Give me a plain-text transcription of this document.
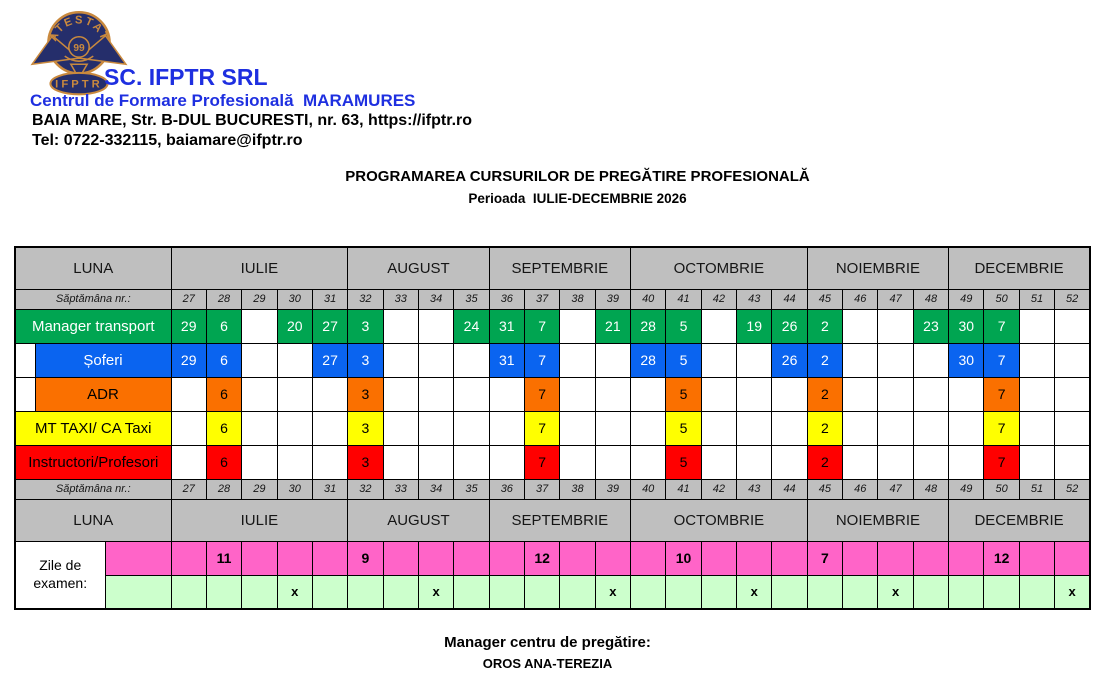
ATESTAT
99
IFPTR SC. IFPTR SRL
Centrul de Formare Profesională  MARAMURES
BAIA MARE, Str. B-DUL BUCURESTI, nr. 63, https://ifptr.ro
Tel: 0722-332115, baiamare@ifptr.ro
PROGRAMAREA CURSURILOR DE PREGĂTIRE PROFESIONALĂ
Perioada  IULIE-DECEMBRIE 2026
LUNA			IULIE					AUGUST				SEPTEMBRIE				OCTOMBRIE					NOIEMBRIE				DECEMBRIE			
Săptămâna nr.:			27	28	29	30	31	32	33	34	35	36	37	38	39	40	41	42	43	44	45	46	47	48	49	50	51	52
Manager transport			29	6		20	27	3			24	31	7		21	28	5		19	26	2			23	30	7		
	Șoferi		29	6			27	3				31	7			28	5			26	2				30	7		
	ADR			6				3					7				5				2					7		
MT TAXI/ CA Taxi				6				3					7				5				2					7		
Instructori/Profesori				6				3					7				5				2					7		
Săptămâna nr.:			27	28	29	30	31	32	33	34	35	36	37	38	39	40	41	42	43	44	45	46	47	48	49	50	51	52
LUNA			IULIE					AUGUST				SEPTEMBRIE				OCTOMBRIE					NOIEMBRIE				DECEMBRIE			
Zile de examen:				11				9					12				10				7					12		
						x				x					x				x				x					x
Manager centru de pregătire:
OROS ANA-TEREZIA
